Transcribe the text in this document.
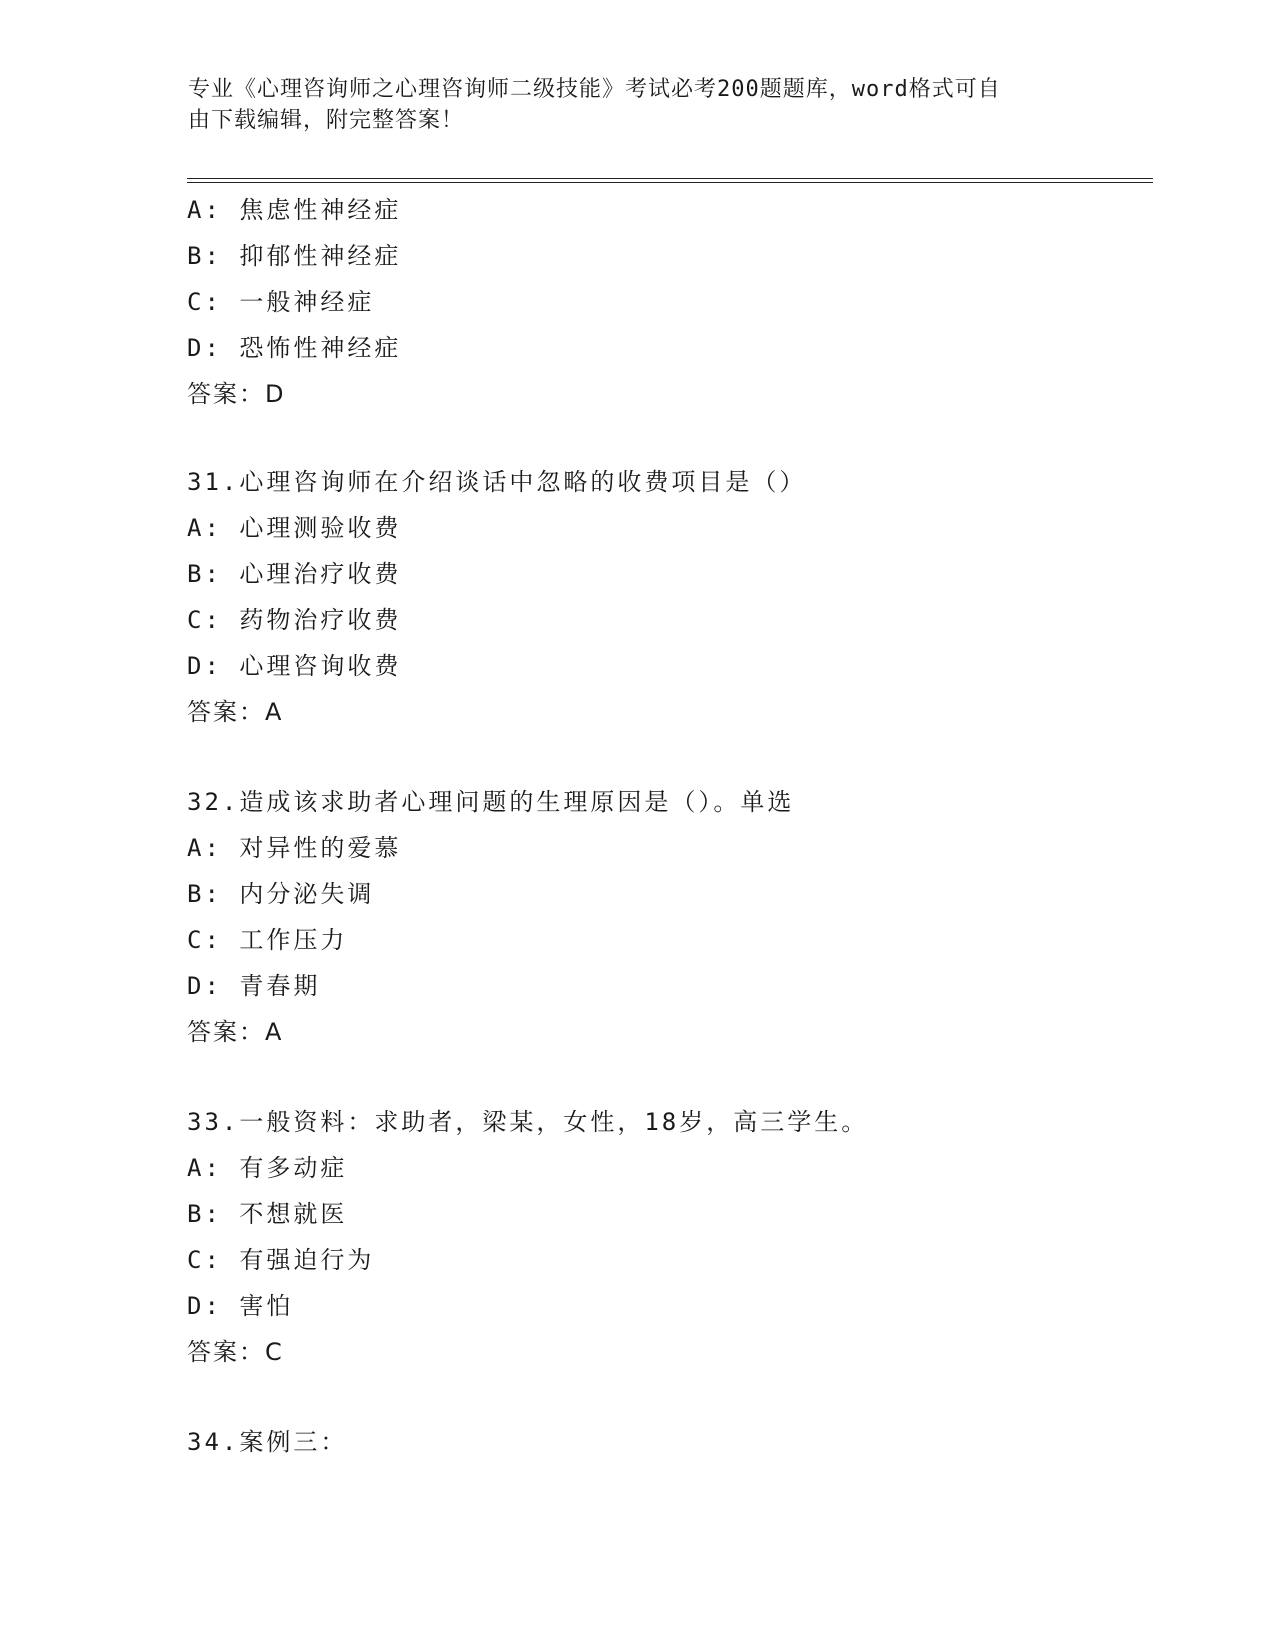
专业《心理咨询师之心理咨询师二级技能》考试必考200题题库，word格式可自
由下载编辑，附完整答案！
A: 焦虑性神经症
B: 抑郁性神经症
C: 一般神经症
D: 恐怖性神经症
答案：D
31.心理咨询师在介绍谈话中忽略的收费项目是（）
A: 心理测验收费
B: 心理治疗收费
C: 药物治疗收费
D: 心理咨询收费
答案：A
32.造成该求助者心理问题的生理原因是（）。单选
A: 对异性的爱慕
B: 内分泌失调
C: 工作压力
D: 青春期
答案：A
33.一般资料：求助者，梁某，女性，18岁，高三学生。
A: 有多动症
B: 不想就医
C: 有强迫行为
D: 害怕
答案：C
34.案例三：
